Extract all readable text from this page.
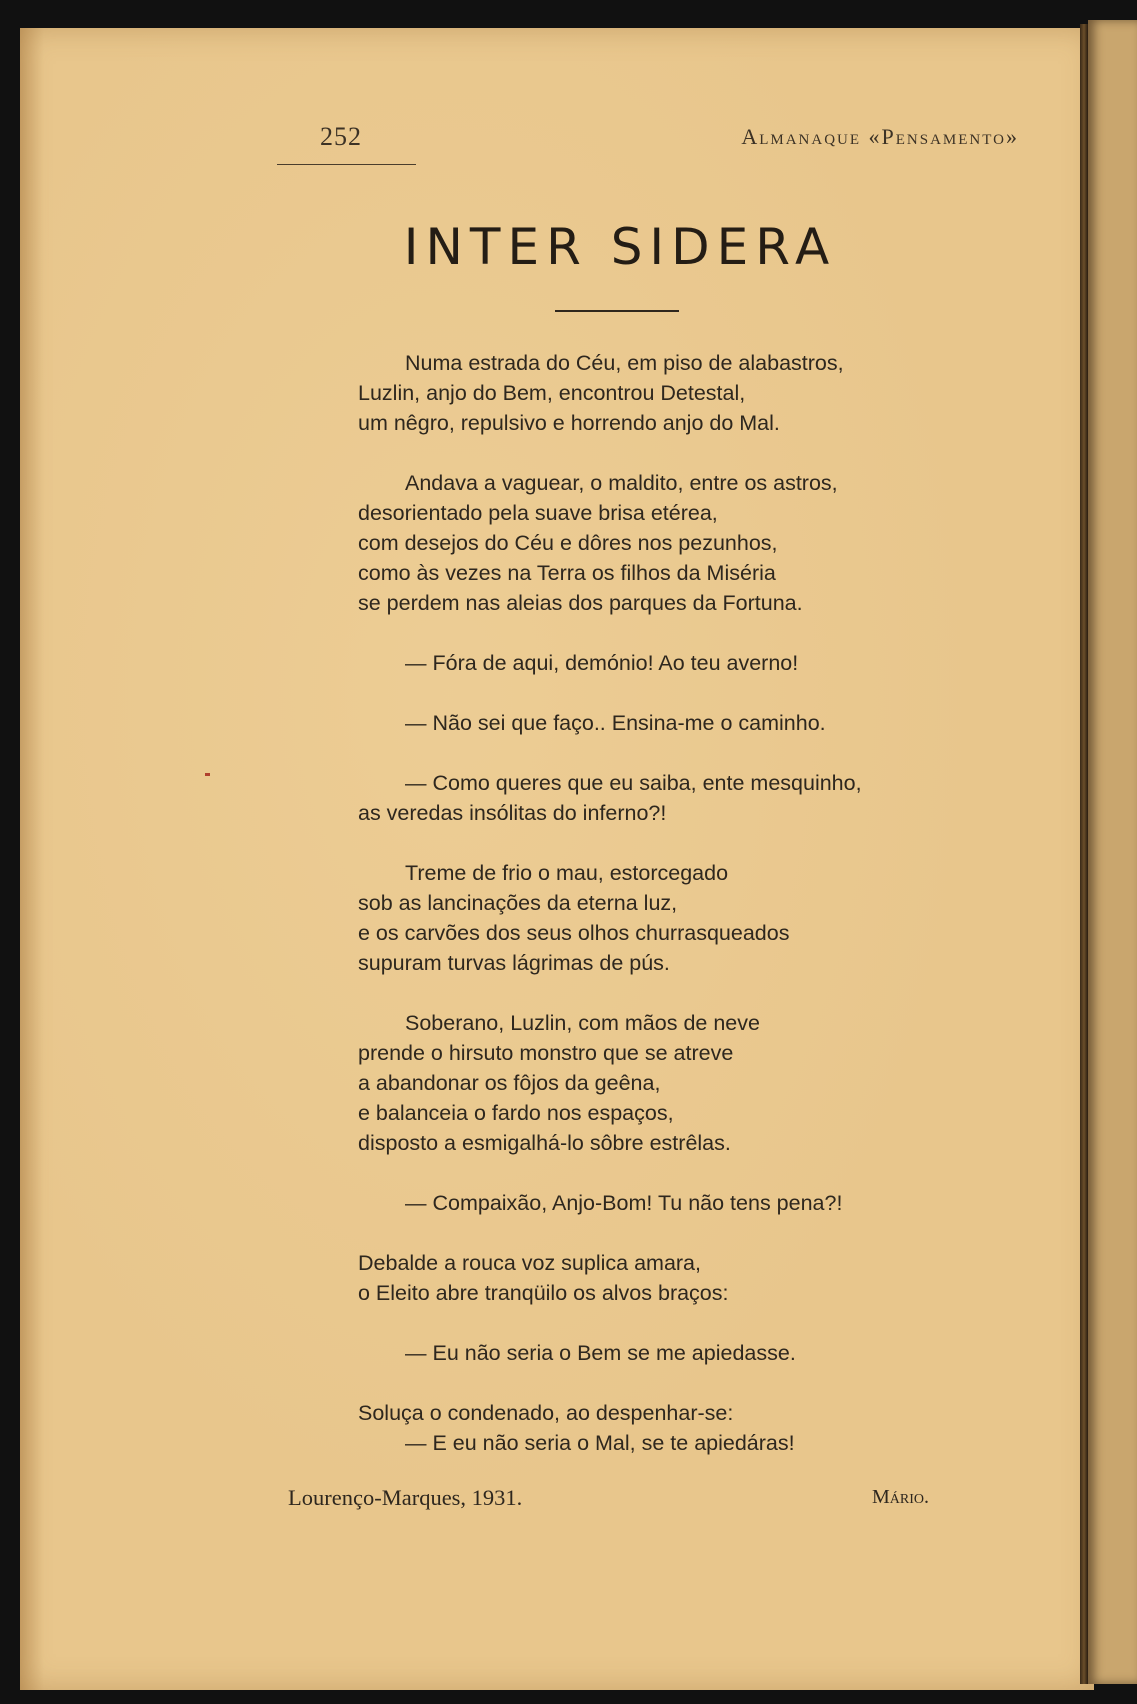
252	Almanaque «Pensamento»
INTER SIDERA
Numa estrada do Céu, em piso de alabastros,
Luzlin, anjo do Bem, encontrou Detestal,
um nêgro, repulsivo e horrendo anjo do Mal.
Andava a vaguear, o maldito, entre os astros,
desorientado pela suave brisa etérea,
com desejos do Céu e dôres nos pezunhos,
como às vezes na Terra os filhos da Miséria
se perdem nas aleias dos parques da Fortuna.
— Fóra de aqui, demónio! Ao teu averno!
— Não sei que faço.. Ensina-me o caminho.
— Como queres que eu saiba, ente mesquinho,
as veredas insólitas do inferno?!
Treme de frio o mau, estorcegado
sob as lancinações da eterna luz,
e os carvões dos seus olhos churrasqueados
supuram turvas lágrimas de pús.
Soberano, Luzlin, com mãos de neve
prende o hirsuto monstro que se atreve
a abandonar os fôjos da geêna,
e balanceia o fardo nos espaços,
disposto a esmigalhá-lo sôbre estrêlas.
— Compaixão, Anjo-Bom! Tu não tens pena?!
Debalde a rouca voz suplica amara,
o Eleito abre tranqüilo os alvos braços:
— Eu não seria o Bem se me apiedasse.
Soluça o condenado, ao despenhar-se:
— E eu não seria o Mal, se te apiedáras!
Lourenço-Marques, 1931.	Mário.
